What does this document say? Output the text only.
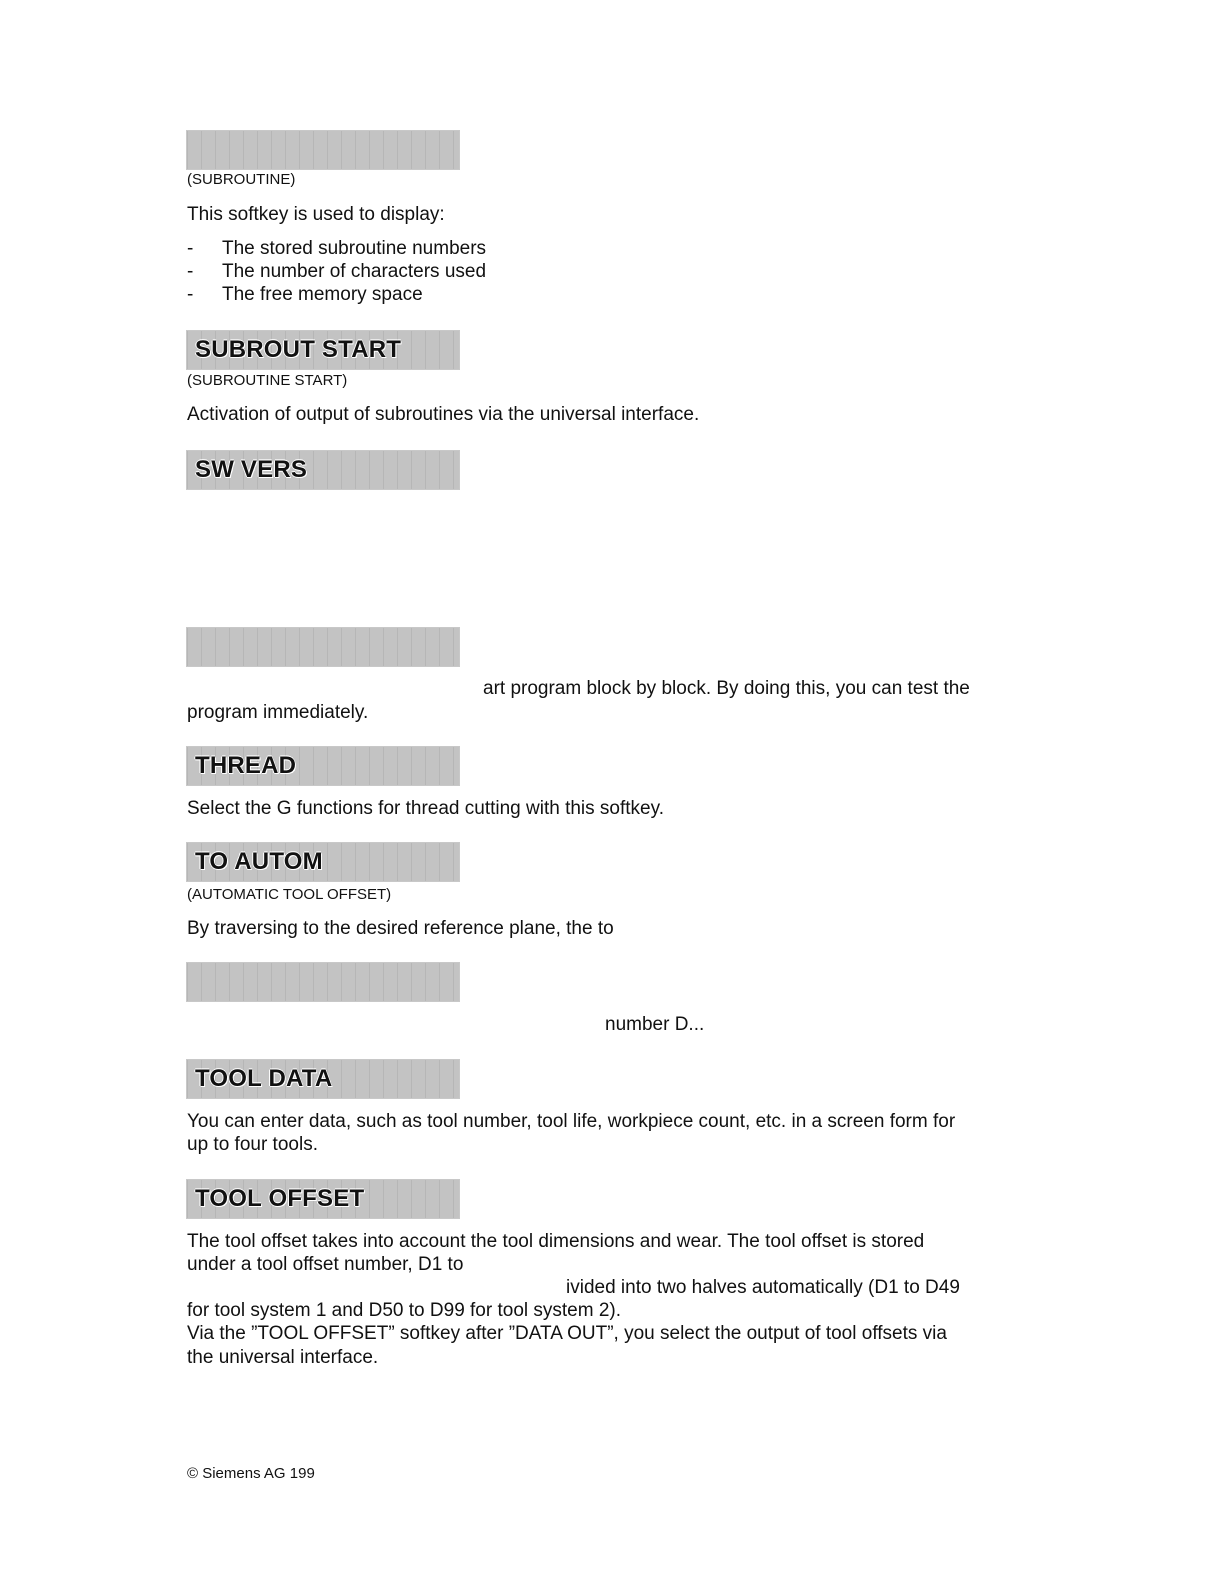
(SUBROUTINE)
This softkey is used to display:
- The stored subroutine numbers
- The number of characters used
- The free memory space
SUBROUT START
(SUBROUTINE START)
Activation of output of subroutines via the universal interface.
SW VERS
art program block by block. By doing this, you can test the
program immediately.
THREAD
Select the G functions for thread cutting with this softkey.
TO AUTOM
(AUTOMATIC TOOL OFFSET)
By traversing to the desired reference plane, the to
number D...
TOOL DATA
You can enter data, such as tool number, tool life, workpiece count, etc. in a screen form for
up to four tools.
TOOL OFFSET
The tool offset takes into account the tool dimensions and wear. The tool offset is stored
under a tool offset number, D1 to
ivided into two halves automatically (D1 to D49
for tool system 1 and D50 to D99 for tool system 2).
Via the ”TOOL OFFSET” softkey after ”DATA OUT”, you select the output of tool offsets via
the universal interface.
© Siemens AG 199
